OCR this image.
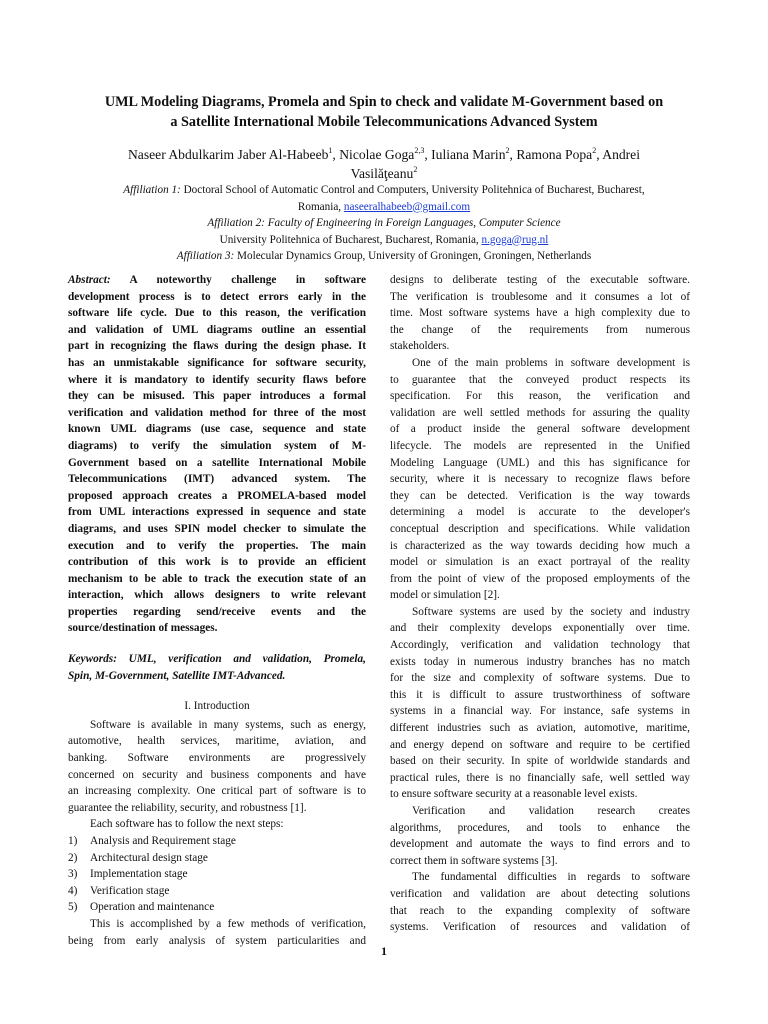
UML Modeling Diagrams, Promela and Spin to check and validate M-Government based on
a Satellite International Mobile Telecommunications Advanced System
Naseer Abdulkarim Jaber Al-Habeeb$^1$, Nicolae Goga$^{2,3}$, Iuliana Marin$^2$, Ramona Popa$^2$, Andrei
Vasilăţeanu$^2$
Affiliation 1: Doctoral School of Automatic Control and Computers, University Politehnica of Bucharest, Bucharest,
Romania, naseeralhabeeb@gmail.com
Affiliation 2: Faculty of Engineering in Foreign Languages, Computer Science
University Politehnica of Bucharest, Bucharest, Romania, n.goga@rug.nl
Affiliation 3: Molecular Dynamics Group, University of Groningen, Groningen, Netherlands
Abstract: A noteworthy challenge in software
development process is to detect errors early in the
software life cycle. Due to this reason, the verification
and validation of UML diagrams outline an essential
part in recognizing the flaws during the design phase. It
has an unmistakable significance for software security,
where it is mandatory to identify security flaws before
they can be misused. This paper introduces a formal
verification and validation method for three of the most
known UML diagrams (use case, sequence and state
diagrams) to verify the simulation system of M-
Government based on a satellite International Mobile
Telecommunications (IMT) advanced system. The
proposed approach creates a PROMELA-based model
from UML interactions expressed in sequence and state
diagrams, and uses SPIN model checker to simulate the
execution and to verify the properties. The main
contribution of this work is to provide an efficient
mechanism to be able to track the execution state of an
interaction, which allows designers to write relevant
properties regarding send/receive events and the
source/destination of messages.
Keywords: UML, verification and validation, Promela,
Spin, M-Government, Satellite IMT-Advanced.
I. Introduction
Software is available in many systems, such as energy,
automotive, health services, maritime, aviation, and
banking. Software environments are progressively
concerned on security and business components and have
an increasing complexity. One critical part of software is to
guarantee the reliability, security, and robustness [1].
Each software has to follow the next steps:
1)	Analysis and Requirement stage
2)	Architectural design stage
3)	Implementation stage
4)	Verification stage
5)	Operation and maintenance
This is accomplished by a few methods of verification,
being from early analysis of system particularities and
designs to deliberate testing of the executable software.
The verification is troublesome and it consumes a lot of
time. Most software systems have a high complexity due to
the change of the requirements from numerous
stakeholders.
One of the main problems in software development is
to guarantee that the conveyed product respects its
specification. For this reason, the verification and
validation are well settled methods for assuring the quality
of a product inside the general software development
lifecycle. The models are represented in the Unified
Modeling Language (UML) and this has significance for
security, where it is necessary to recognize flaws before
they can be detected. Verification is the way towards
determining a model is accurate to the developer's
conceptual description and specifications. While validation
is characterized as the way towards deciding how much a
model or simulation is an exact portrayal of the reality
from the point of view of the proposed employments of the
model or simulation [2].
Software systems are used by the society and industry
and their complexity develops exponentially over time.
Accordingly, verification and validation technology that
exists today in numerous industry branches has no match
for the size and complexity of software systems. Due to
this it is difficult to assure trustworthiness of software
systems in a financial way. For instance, safe systems in
different industries such as aviation, automotive, maritime,
and energy depend on software and require to be certified
based on their security. In spite of worldwide standards and
practical rules, there is no financially safe, well settled way
to ensure software security at a reasonable level exists.
Verification and validation research creates
algorithms, procedures, and tools to enhance the
development and automate the ways to find errors and to
correct them in software systems [3].
The fundamental difficulties in regards to software
verification and validation are about detecting solutions
that reach to the expanding complexity of software
systems. Verification of resources and validation of
1
